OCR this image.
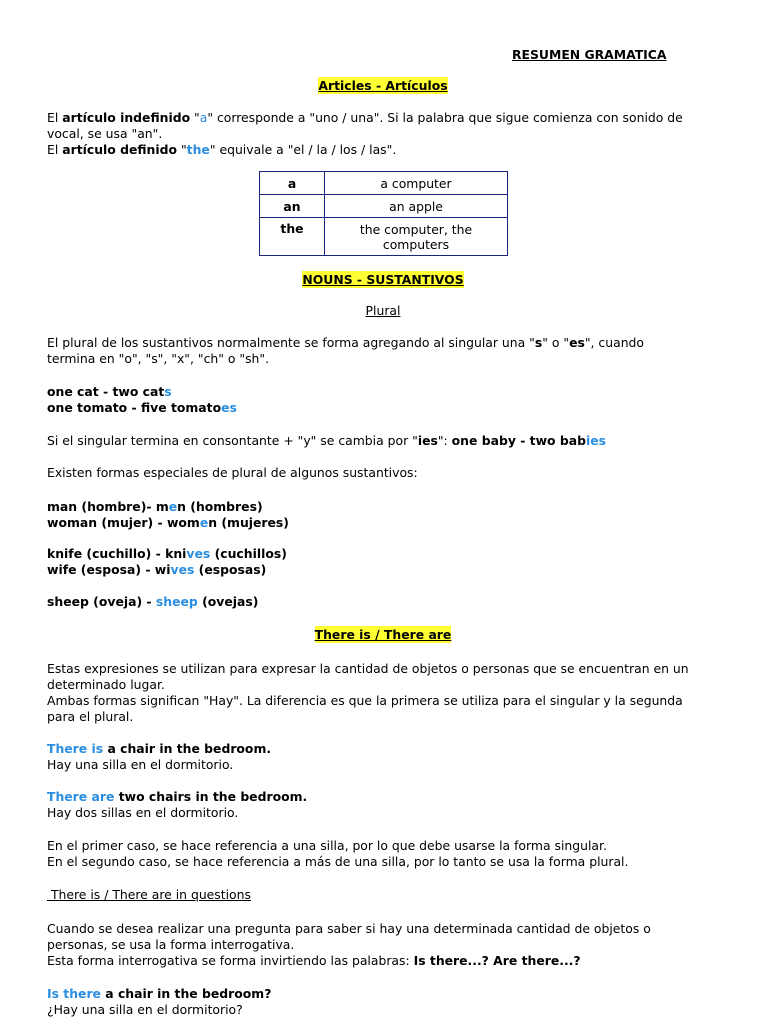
RESUMEN GRAMATICA
Articles - Artículos
El artículo indefinido "a" corresponde a "uno / una". Si la palabra que sigue comienza con sonido de
vocal, se usa "an".
El artículo definido "the" equivale a "el / la / los / las".
a	a computer
an	an apple
the	the computer, the
computers
NOUNS - SUSTANTIVOS
Plural
El plural de los sustantivos normalmente se forma agregando al singular una "s" o "es", cuando
termina en "o", "s", "x", "ch" o "sh".
one cat - two cats
one tomato - five tomatoes
Si el singular termina en consontante + "y" se cambia por "ies": one baby - two babies
Existen formas especiales de plural de algunos sustantivos:
man (hombre)- men (hombres)
woman (mujer) - women (mujeres)
knife (cuchillo) - knives (cuchillos)
wife (esposa) - wives (esposas)
sheep (oveja) - sheep (ovejas)
There is / There are
Estas expresiones se utilizan para expresar la cantidad de objetos o personas que se encuentran en un
determinado lugar.
Ambas formas significan "Hay". La diferencia es que la primera se utiliza para el singular y la segunda
para el plural.
There is a chair in the bedroom.
Hay una silla en el dormitorio.
There are two chairs in the bedroom.
Hay dos sillas en el dormitorio.
En el primer caso, se hace referencia a una silla, por lo que debe usarse la forma singular.
En el segundo caso, se hace referencia a más de una silla, por lo tanto se usa la forma plural.
There is / There are in questions
Cuando se desea realizar una pregunta para saber si hay una determinada cantidad de objetos o
personas, se usa la forma interrogativa.
Esta forma interrogativa se forma invirtiendo las palabras: Is there...? Are there...?
Is there a chair in the bedroom?
¿Hay una silla en el dormitorio?
